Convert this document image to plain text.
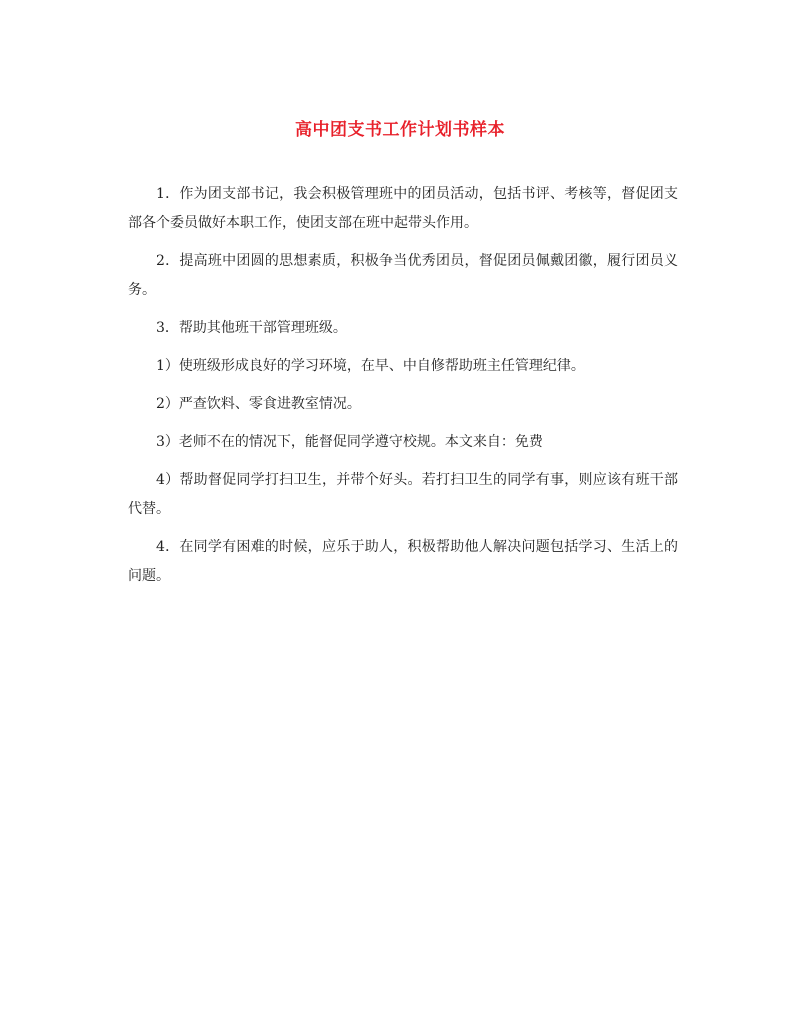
高中团支书工作计划书样本

1．作为团支部书记，我会积极管理班中的团员活动，包括书评、考核等，督促团支部各个委员做好本职工作，使团支部在班中起带头作用。

2．提高班中团圆的思想素质，积极争当优秀团员，督促团员佩戴团徽，履行团员义务。

3．帮助其他班干部管理班级。

1）使班级形成良好的学习环境，在早、中自修帮助班主任管理纪律。

2）严查饮料、零食进教室情况。

3）老师不在的情况下，能督促同学遵守校规。本文来自：免费

4）帮助督促同学打扫卫生，并带个好头。若打扫卫生的同学有事，则应该有班干部代替。

4．在同学有困难的时候，应乐于助人，积极帮助他人解决问题包括学习、生活上的问题。
